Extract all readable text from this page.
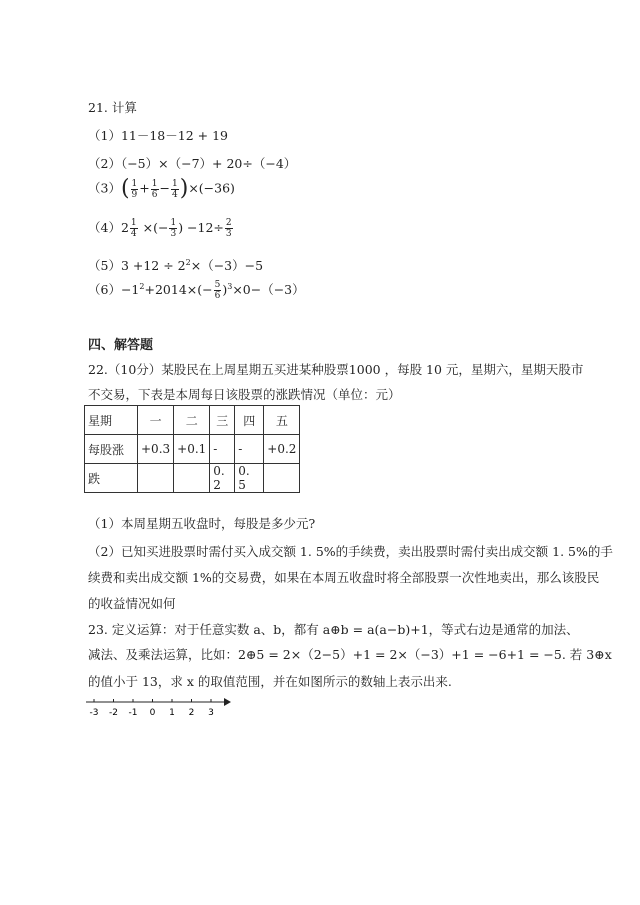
21. 计算
（1）11－18－12 + 19
（2）（−5）×（−7）+ 20÷（−4）
$(3)( \frac{1}{9} + \frac{1}{6} - \frac{1}{4} )\times(-36)$
$(4)2 \frac{1}{4}$ ×(− $\frac{1}{3}$ ) $-12\div \frac{2}{3}$
$(5)3 +12 \div 2^2\times(-3)-5$
$(6)-1^2+2014\times(- \frac{5}{6} )^3\times 0-(-3)$
四、解答题
22.（10分）某股民在上周星期五买进某种股票1000 ，每股 10 元，星期六，星期天股市
不交易，下表是本周每日该股票的涨跌情况（单位：元）
星期	一	二	三	四	五
每股涨	+0.3	+0.1	-	-	+0.2
跌			0. 2	0. 5	
（1）本周星期五收盘时，每股是多少元?
（2）已知买进股票时需付买入成交额 1. 5%的手续费，卖出股票时需付卖出成交额 1. 5%的手
续费和卖出成交额 1%的交易费，如果在本周五收盘时将全部股票一次性地卖出，那么该股民
的收益情况如何
23. 定义运算：对于任意实数 a、b，都有 a⊕b = a(a−b)+1，等式右边是通常的加法、
减法、及乘法运算，比如：2⊕5 = 2×（2−5）+1 = 2×（−3）+1 = −6+1 = −5. 若 3⊕x
的值小于 13，求 x 的取值范围，并在如图所示的数轴上表示出来.
-3 -2 -1 0 1 2 3
